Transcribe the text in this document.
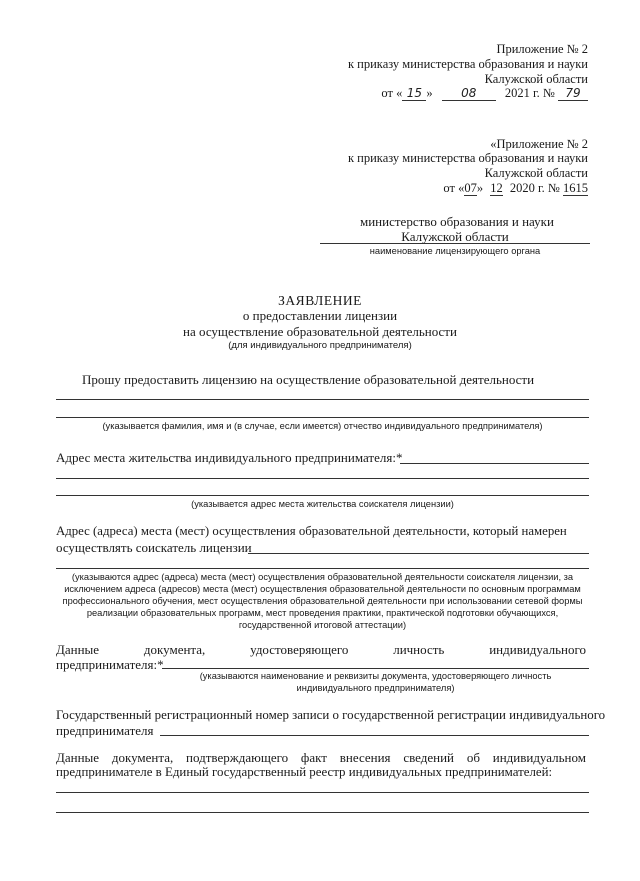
Приложение № 2
к приказу министерства образования и науки
Калужской области
от « 15 » 08 2021 г. № 79
«Приложение № 2
к приказу министерства образования и науки
Калужской области
от «07» 12 2020 г. № 1615
министерство образования и науки
Калужской области
наименование лицензирующего органа
ЗАЯВЛЕНИЕ
о предоставлении лицензии
на осуществление образовательной деятельности
(для индивидуального предпринимателя)
Прошу предоставить лицензию на осуществление образовательной деятельности
(указывается фамилия, имя и (в случае, если имеется) отчество индивидуального предпринимателя)
Адрес места жительства индивидуального предпринимателя:*
(указывается адрес места жительства соискателя лицензии)
Адрес (адреса) места (мест) осуществления образовательной деятельности, который намерен
осуществлять соискатель лицензии
(указываются адрес (адреса) места (мест) осуществления образовательной деятельности соискателя лицензии, за
исключением адреса (адресов) места (мест) осуществления образовательной деятельности по основным программам
профессионального обучения, мест осуществления образовательной деятельности при использовании сетевой формы
реализации образовательных программ, мест проведения практики, практической подготовки обучающихся,
государственной итоговой аттестации)
Данные	документа,	удостоверяющего	личность	индивидуального
предпринимателя:*
(указываются наименование и реквизиты документа, удостоверяющего личность
индивидуального предпринимателя)
Государственный регистрационный номер записи о государственной регистрации индивидуального
предпринимателя
Данные документа, подтверждающего факт внесения сведений об индивидуальном
предпринимателе в Единый государственный реестр индивидуальных предпринимателей:
